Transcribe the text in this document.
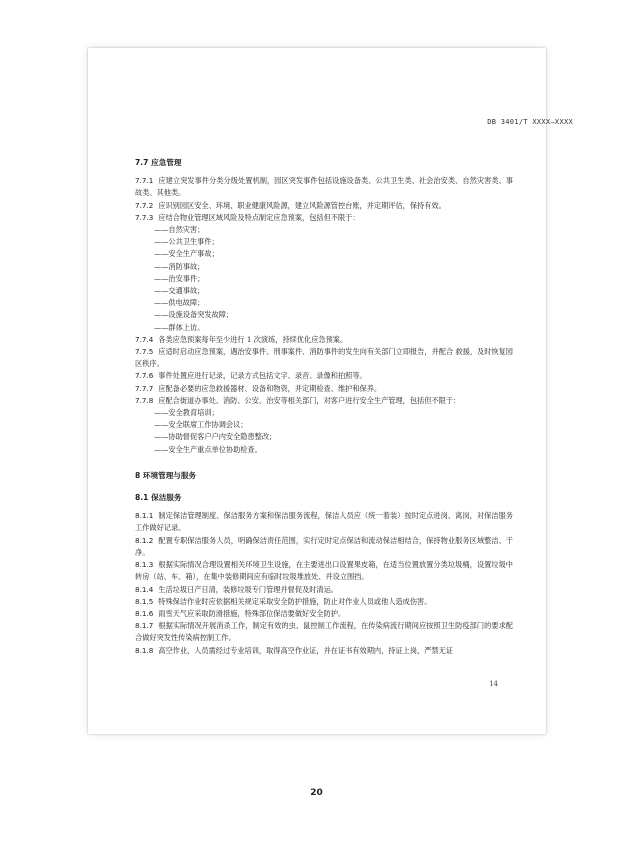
DB 3401/T XXXX—XXXX
7.7 应急管理

7.7.1 应建立突发事件分类分级处置机制，园区突发事件包括设施设备类、公共卫生类、社会治安类、自然灾害类、事故类、其他类。

7.7.2 应识别园区安全、环境、职业健康风险源，建立风险源管控台账，并定期评估，保持有效。

7.7.3 应结合物业管理区域风险及特点制定应急预案，包括但不限于：

——自然灾害；
——公共卫生事件；
——安全生产事故；
——消防事故；
——治安事件；
——交通事故；
——供电故障；
——设施设备突发故障；
——群体上访。

7.7.4 各类应急预案每年至少进行 1 次演练，持续优化应急预案。

7.7.5 应适时启动应急预案，遇治安事件、刑事案件、消防事件的发生向有关部门立即报告，并配合 救援，及时恢复园区秩序。

7.7.6 事件处置应进行记录，记录方式包括文字、录音、录像和拍照等。

7.7.7 应配备必要的应急救援器材、设备和物资，并定期检查、维护和保养。

7.7.8 应配合街道办事处、消防、公安、治安等相关部门，对客户进行安全生产管理，包括但不限于：

——安全教育培训；
——安全联席工作协调会议；
——协助督促客户户内安全隐患整改；
——安全生产重点单位协助检查。
8 环境管理与服务
8.1 保洁服务

8.1.1 制定保洁管理制度、保洁服务方案和保洁服务流程，保洁人员应（统一着装）按时定点进岗、离岗，对保洁服务工作做好记录。

8.1.2 配置专职保洁服务人员，明确保洁责任范围，实行定时定点保洁和流动保洁相结合，保持物业服务区域整洁、干净。

8.1.3 根据实际情况合理设置相关环境卫生设施，在主要进出口设置果皮箱，在适当位置放置分类垃圾桶，设置垃圾中转房（站、车、箱），在集中装修期间应有临时垃圾堆放处、并设立围挡。

8.1.4 生活垃圾日产日清，装修垃圾专门管理并督促及时清运。

8.1.5 特殊保洁作业时应依据相关规定采取安全防护措施，防止对作业人员或他人造成伤害。

8.1.6 雨雪天气应采取防滑措施，特殊部位保洁要做好安全防护。

8.1.7 根据实际情况开展消杀工作，制定有效的虫、鼠控制工作流程，在传染病流行期间应按照卫生防疫部门的要求配合做好突发性传染病控制工作。

8.1.8 高空作业，人员需经过专业培训，取得高空作业证，并在证书有效期内，持证上岗，严禁无证

14
20
